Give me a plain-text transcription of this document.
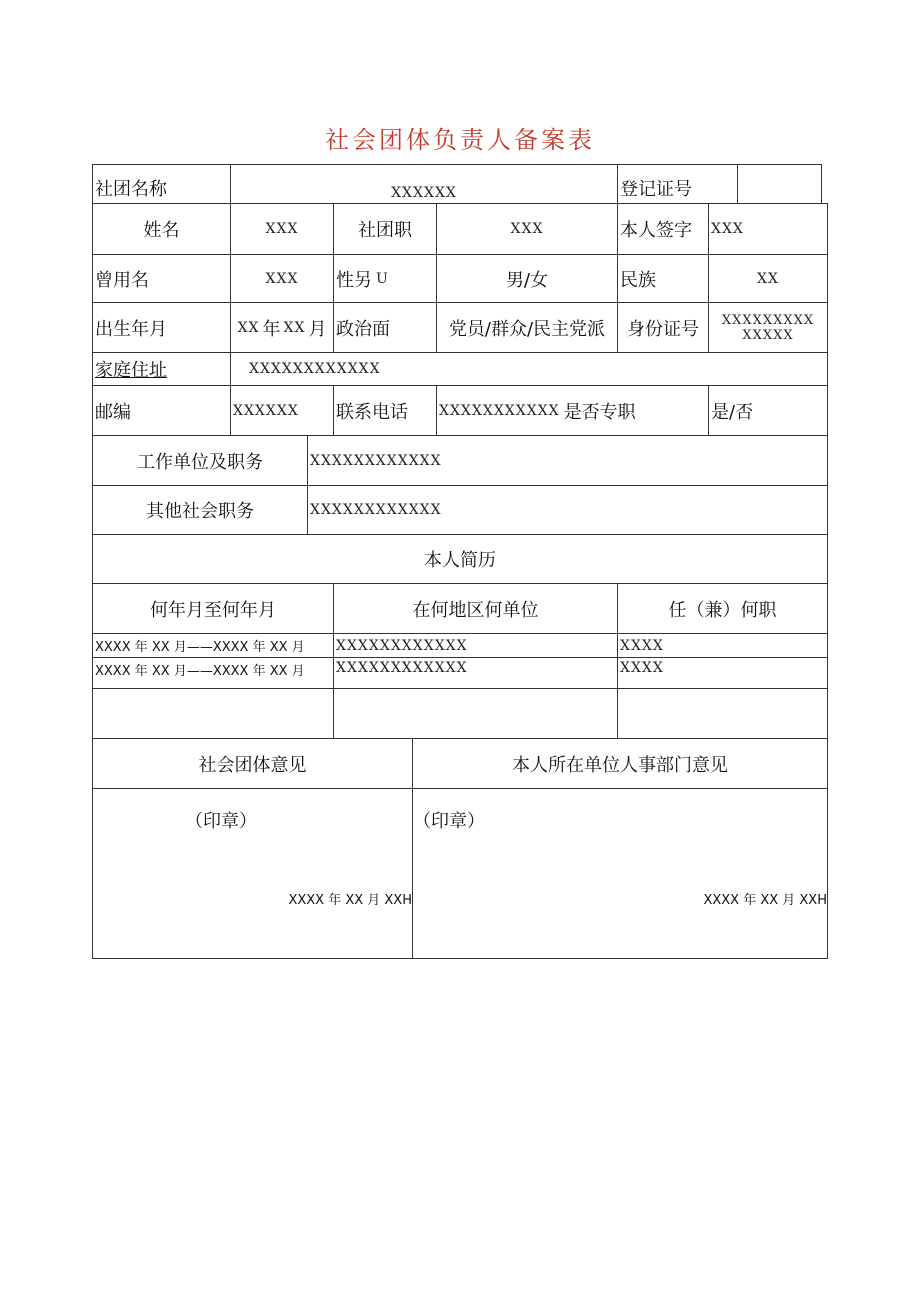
社会团体负责人备案表
社团名称	XXXXXX	登记证号
姓名	XXX	社团职	XXX	本人签字	XXX
曾用名	XXX	性另 U	男/女	民族	XX
出生年月	XX 年 XX 月 政治面	党员/群众/民主党派	身份证号	XXXXXXXXX
XXXXX
家庭住址	XXXXXXXXXXXX
邮编	XXXXXX	联系电话	XXXXXXXXXXX 是否专职	是/否
工作单位及职务	XXXXXXXXXXXX
其他社会职务	XXXXXXXXXXXX
本人简历
何年月至何年月	在何地区何单位	任（兼）何职
XXXX 年 XX 月——XXXX 年 XX 月	XXXXXXXXXXXX	XXXX
XXXX 年 XX 月——XXXX 年 XX 月	XXXXXXXXXXXX	XXXX
社会团体意见	本人所在单位人事部门意见
（印章）
XXXX 年 XX 月 XXH
（印章）
XXXX 年 XX 月 XXH
